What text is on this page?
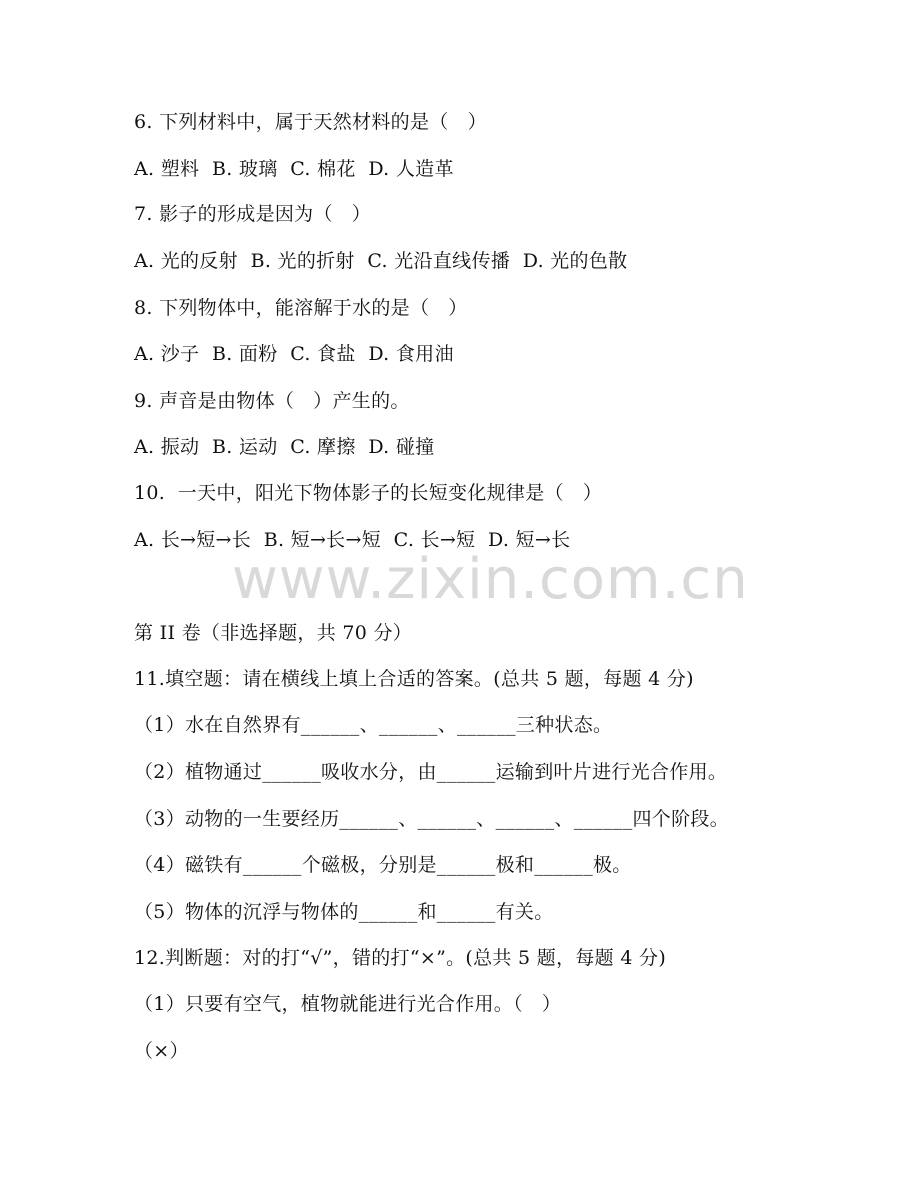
6. 下列材料中，属于天然材料的是（   ）
A. 塑料  B. 玻璃  C. 棉花  D. 人造革
7. 影子的形成是因为（   ）
A. 光的反射  B. 光的折射  C. 光沿直线传播  D. 光的色散
8. 下列物体中，能溶解于水的是（   ）
A. 沙子  B. 面粉  C. 食盐  D. 食用油
9. 声音是由物体（   ）产生的。
A. 振动  B. 运动  C. 摩擦  D. 碰撞
10.  一天中，阳光下物体影子的长短变化规律是（   ）
A. 长→短→长  B. 短→长→短  C. 长→短  D. 短→长
www.zixin.com.cn
第 II 卷（非选择题，共 70 分）
11.填空题：请在横线上填上合适的答案。(总共 5 题，每题 4 分)
（1）水在自然界有______、______、______三种状态。
（2）植物通过______吸收水分，由______运输到叶片进行光合作用。
（3）动物的一生要经历______、______、______、______四个阶段。
（4）磁铁有______个磁极，分别是______极和______极。
（5）物体的沉浮与物体的______和______有关。
12.判断题：对的打“√”，错的打“×”。(总共 5 题，每题 4 分)
（1）只要有空气，植物就能进行光合作用。（   ）
（×）
